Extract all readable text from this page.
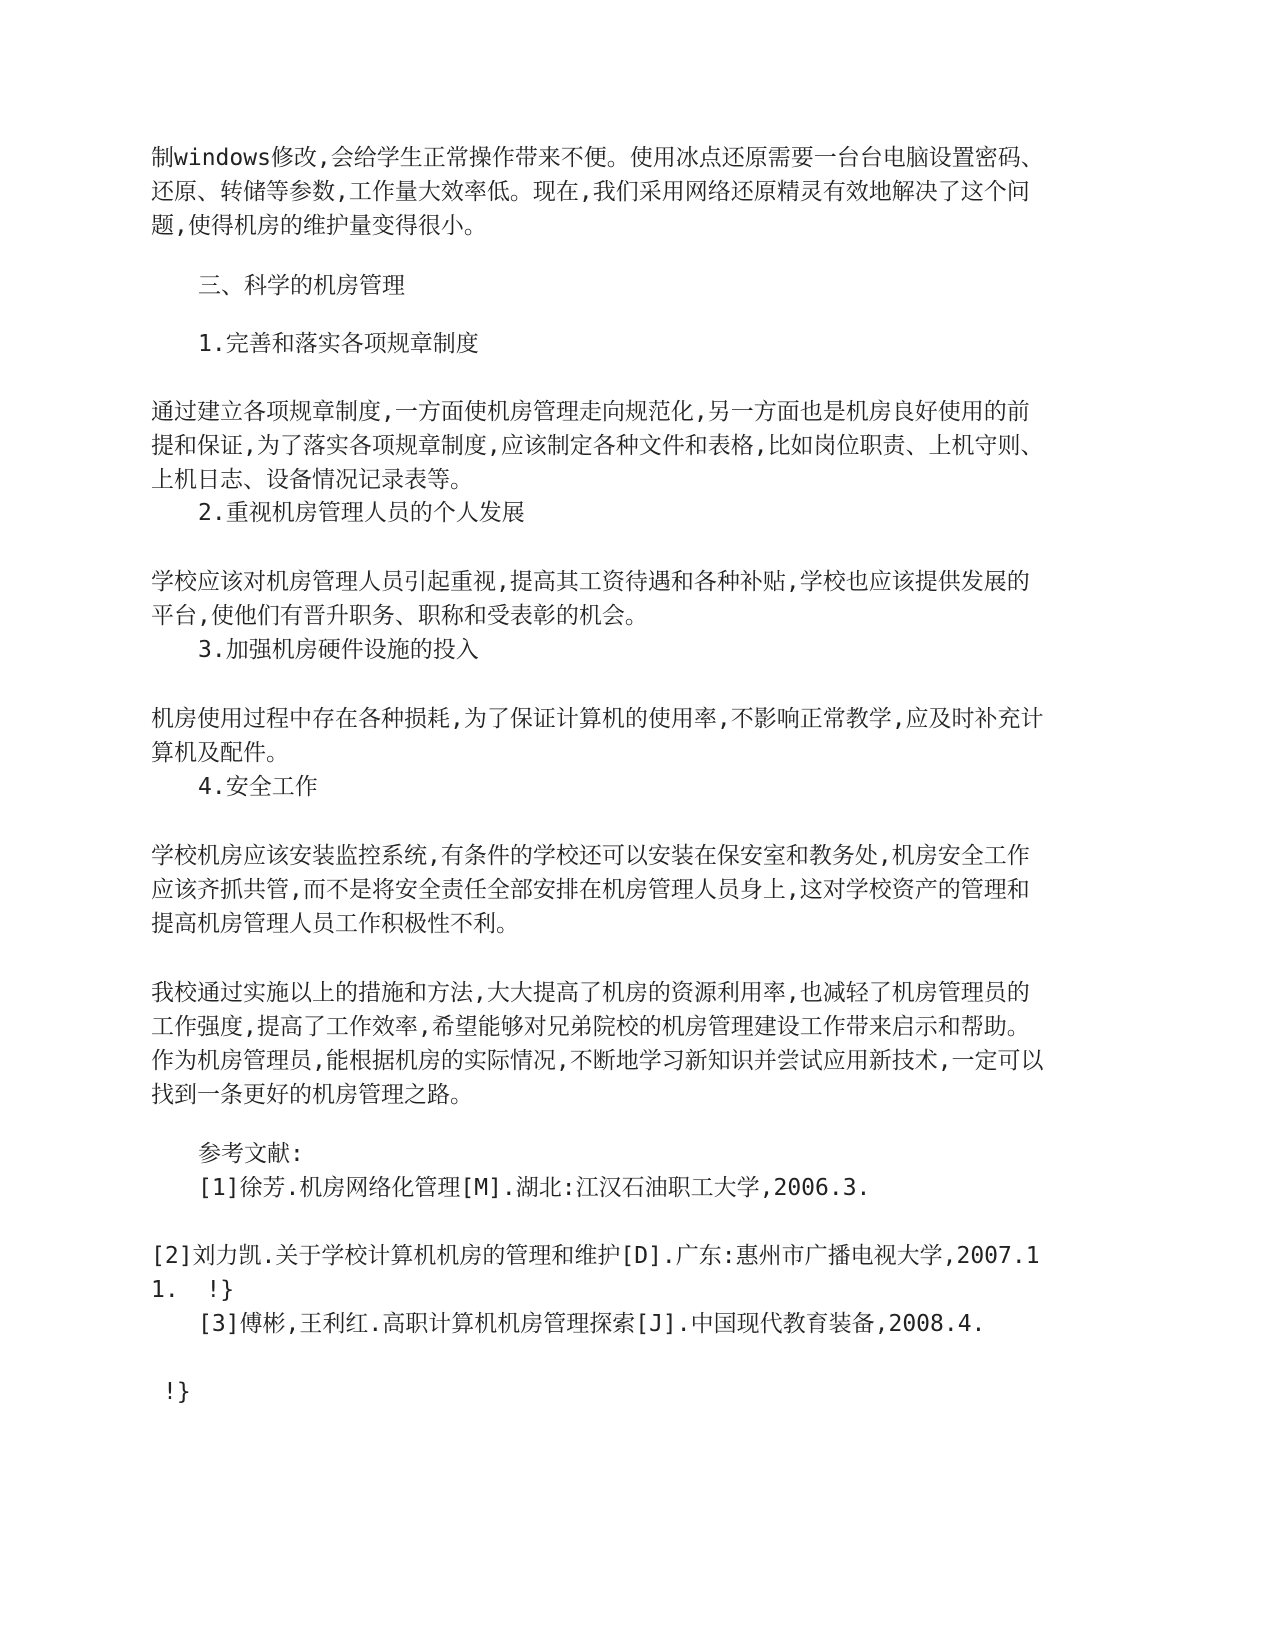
制windows修改,会给学生正常操作带来不便。使用冰点还原需要一台台电脑设置密码、
还原、转储等参数,工作量大效率低。现在,我们采用网络还原精灵有效地解决了这个问
题,使得机房的维护量变得很小。
三、科学的机房管理
1.完善和落实各项规章制度
通过建立各项规章制度,一方面使机房管理走向规范化,另一方面也是机房良好使用的前
提和保证,为了落实各项规章制度,应该制定各种文件和表格,比如岗位职责、上机守则、
上机日志、设备情况记录表等。
2.重视机房管理人员的个人发展
学校应该对机房管理人员引起重视,提高其工资待遇和各种补贴,学校也应该提供发展的
平台,使他们有晋升职务、职称和受表彰的机会。
3.加强机房硬件设施的投入
机房使用过程中存在各种损耗,为了保证计算机的使用率,不影响正常教学,应及时补充计
算机及配件。
4.安全工作
学校机房应该安装监控系统,有条件的学校还可以安装在保安室和教务处,机房安全工作
应该齐抓共管,而不是将安全责任全部安排在机房管理人员身上,这对学校资产的管理和
提高机房管理人员工作积极性不利。
我校通过实施以上的措施和方法,大大提高了机房的资源利用率,也减轻了机房管理员的
工作强度,提高了工作效率,希望能够对兄弟院校的机房管理建设工作带来启示和帮助。
作为机房管理员,能根据机房的实际情况,不断地学习新知识并尝试应用新技术,一定可以
找到一条更好的机房管理之路。
参考文献:
[1]徐芳.机房网络化管理[M].湖北:江汉石油职工大学,2006.3.
[2]刘力凯.关于学校计算机机房的管理和维护[D].广东:惠州市广播电视大学,2007.1
1.  !}
[3]傅彬,王利红.高职计算机机房管理探索[J].中国现代教育装备,2008.4.
!}
